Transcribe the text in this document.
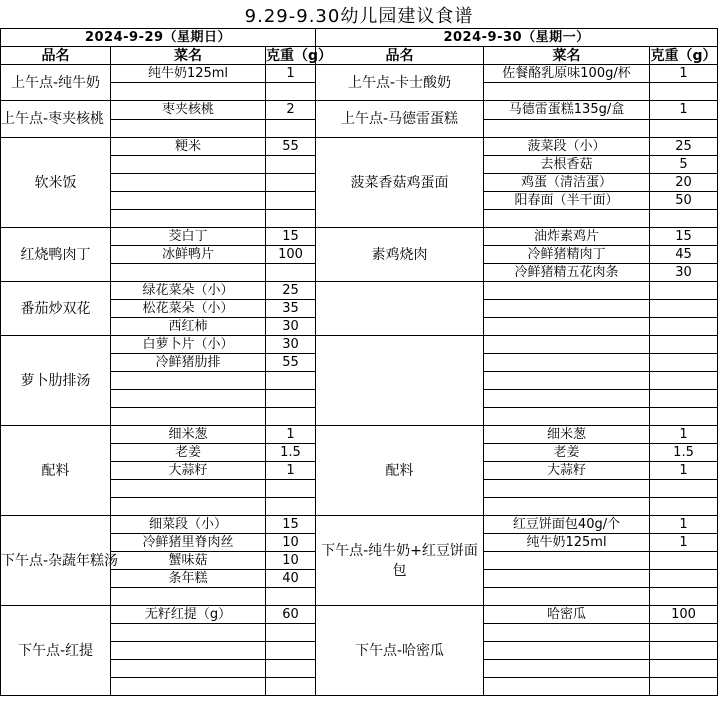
9.29-9.30幼儿园建议食谱
2024-9-29（星期日）			2024-9-30（星期一）		
品名	菜名	克重（g）	品名	菜名	克重（g）
上午点-纯牛奶	纯牛奶125ml	1	上午点-卡士酸奶	佐餐酪乳原味100g/杯	1

上午点-枣夹核桃	枣夹核桃	2	上午点-马德雷蛋糕	马德雷蛋糕135g/盒	1

软米饭	粳米	55	菠菜香菇鸡蛋面	菠菜段（小）	25
				去根香菇	5
				鸡蛋（清洁蛋）	20
				阳春面（半干面）	50

红烧鸭肉丁	茭白丁	15	素鸡烧肉	油炸素鸡片	15
	冰鲜鸭片	100		冷鲜猪精肉丁	45
				冷鲜猪精五花肉条	30
番茄炒双花	绿花菜朵（小）	25			
	松花菜朵（小）	35			
	西红柿	30			
萝卜肋排汤	白萝卜片（小）	30			
	冷鲜猪肋排	55			

配料	细米葱	1	配料	细米葱	1
	老姜	1.5		老姜	1.5
	大蒜籽	1		大蒜籽	1

下午点-杂蔬年糕汤	细菜段（小）	15	下午点-纯牛奶+红豆饼面包	红豆饼面包40g/个	1
	冷鲜猪里脊肉丝	10		纯牛奶125ml	1
	蟹味菇	10			
	条年糕	40			

下午点-红提	无籽红提（g）	60	下午点-哈密瓜	哈密瓜	100
